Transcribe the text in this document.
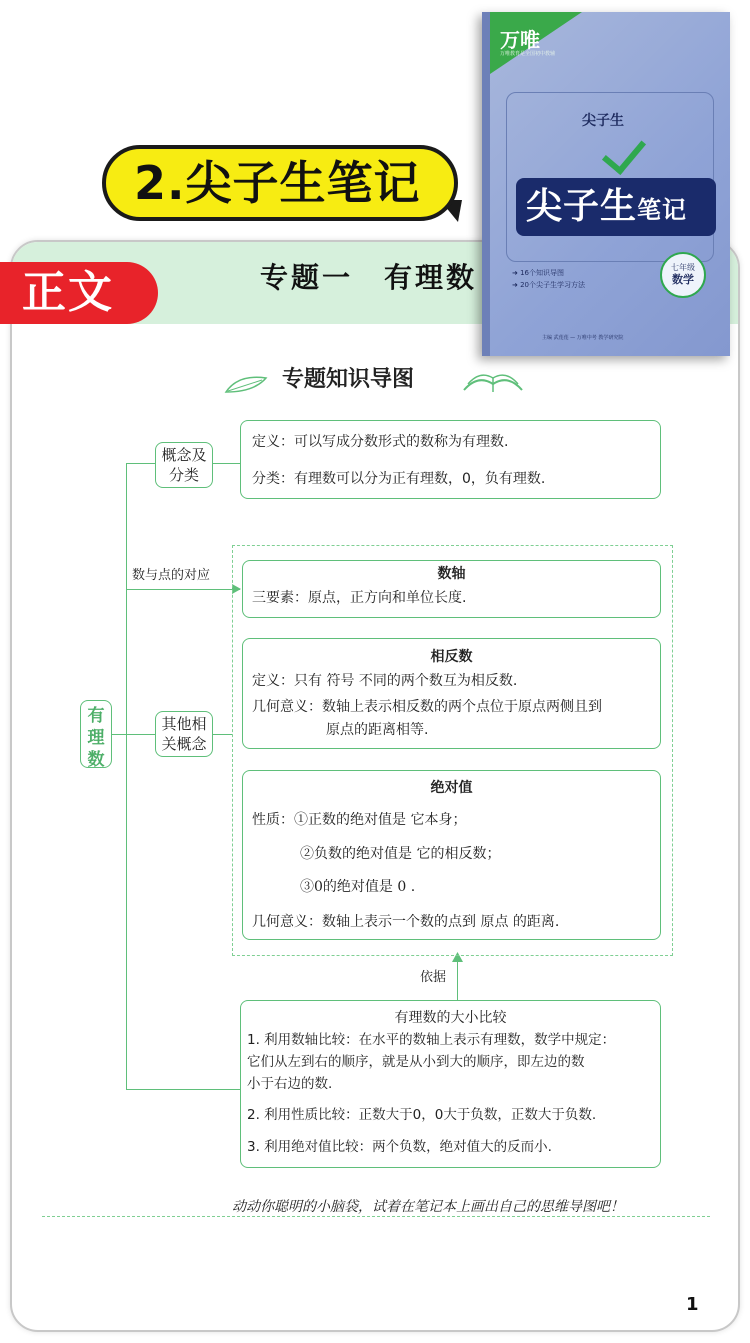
2.尖子生笔记
专题一　有理数
正文
万唯
万唯教育是全国初中教辅
尖子生
尖子生笔记
➜ 16个知识导图
➜ 20个尖子生学习方法
七年级
数学
主编 武莲莲 — 万唯中考 教学研究院
专题知识导图
有理数
概念及分类
其他相关概念
数与点的对应
定义：可以写成分数形式的数称为有理数.
分类：有理数可以分为正有理数，0，负有理数.
数轴
三要素：原点，正方向和单位长度.
相反数
定义：只有 符号 不同的两个数互为相反数.
几何意义：数轴上表示相反数的两个点位于原点两侧且到
原点的距离相等.
绝对值
性质：①正数的绝对值是 它本身；
②负数的绝对值是 它的相反数；
③0的绝对值是 0 .
几何意义：数轴上表示一个数的点到 原点 的距离.
依据
有理数的大小比较
1. 利用数轴比较：在水平的数轴上表示有理数，数学中规定：
它们从左到右的顺序，就是从小到大的顺序，即左边的数
小于右边的数.
2. 利用性质比较：正数大于0，0大于负数，正数大于负数.
3. 利用绝对值比较：两个负数，绝对值大的反而小.
动动你聪明的小脑袋，试着在笔记本上画出自己的思维导图吧！
1
